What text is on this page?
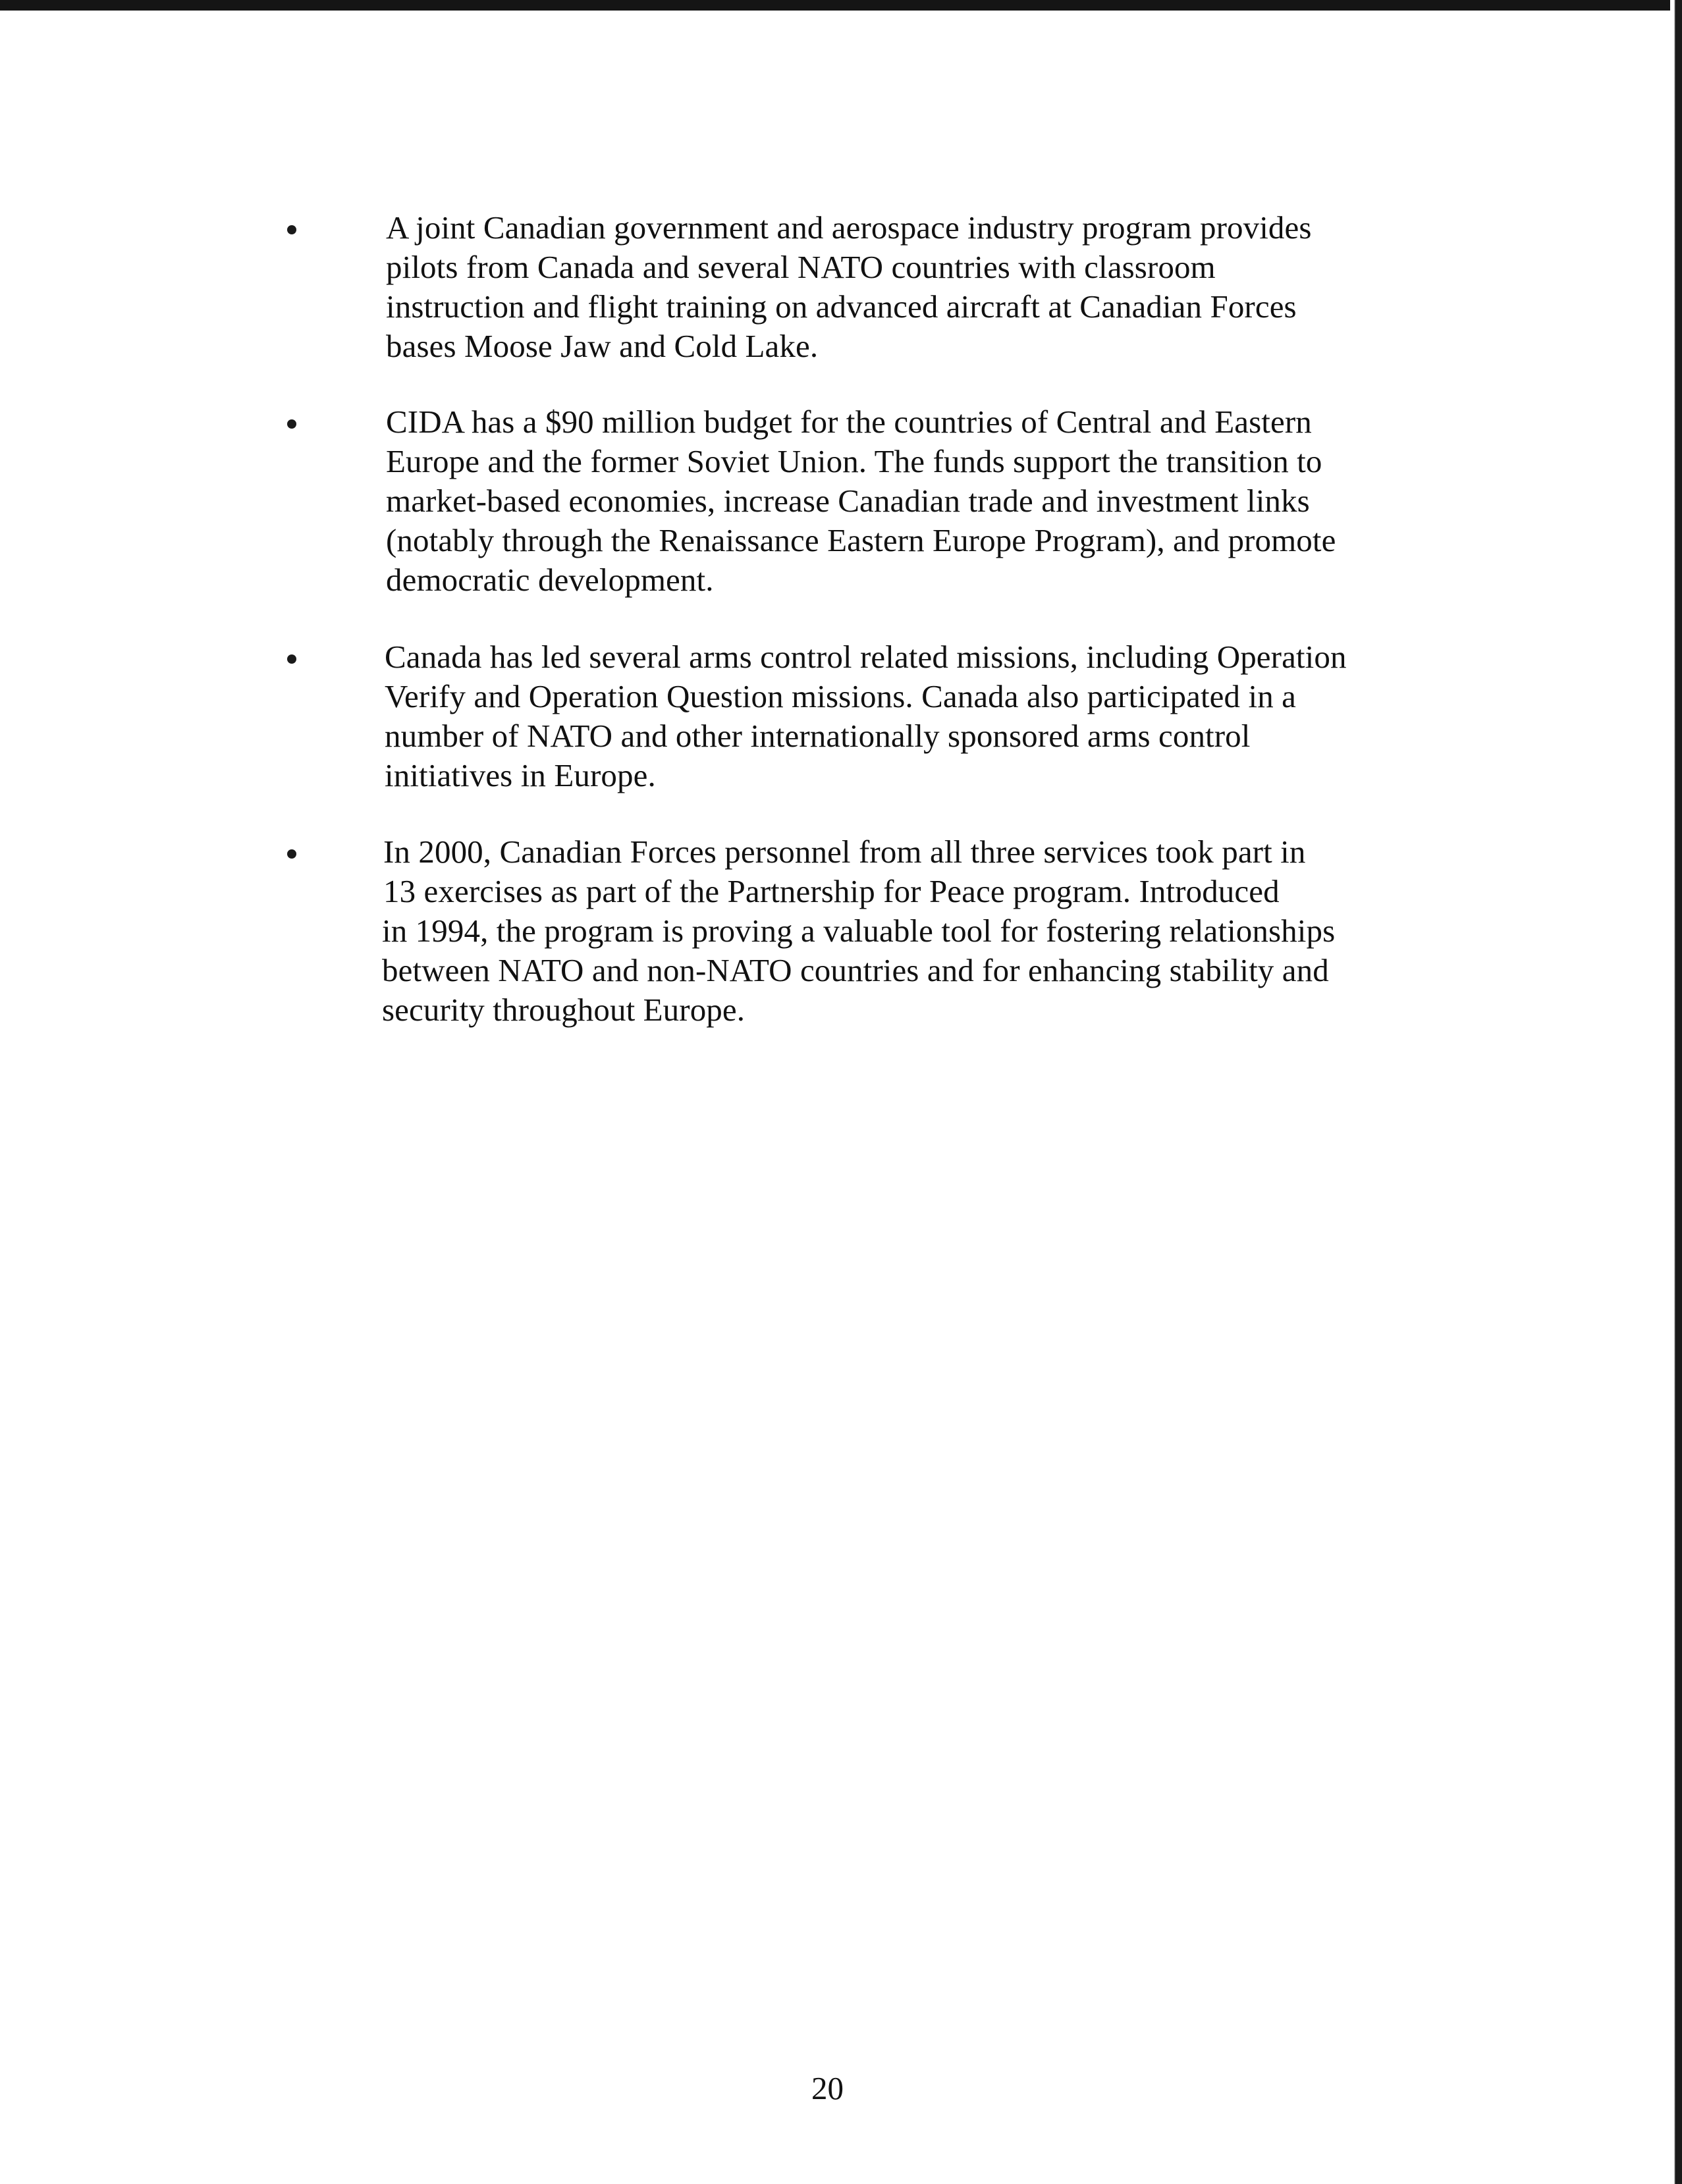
A joint Canadian government and aerospace industry program provides
pilots from Canada and several NATO countries with classroom
instruction and flight training on advanced aircraft at Canadian Forces
bases Moose Jaw and Cold Lake.
CIDA has a $90 million budget for the countries of Central and Eastern
Europe and the former Soviet Union. The funds support the transition to
market-based economies, increase Canadian trade and investment links
(notably through the Renaissance Eastern Europe Program), and promote
democratic development.
Canada has led several arms control related missions, including Operation
Verify and Operation Question missions. Canada also participated in a
number of NATO and other internationally sponsored arms control
initiatives in Europe.
In 2000, Canadian Forces personnel from all three services took part in
13 exercises as part of the Partnership for Peace program. Introduced
in 1994, the program is proving a valuable tool for fostering relationships
between NATO and non-NATO countries and for enhancing stability and
security throughout Europe.
20
